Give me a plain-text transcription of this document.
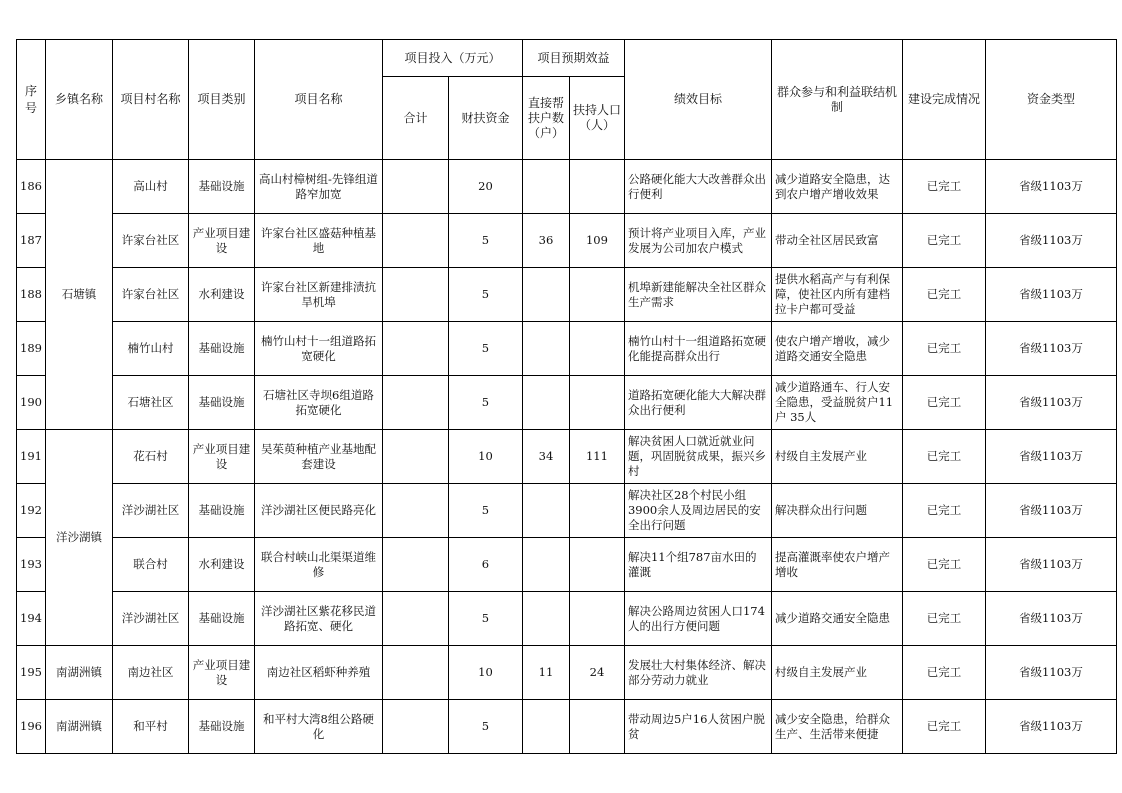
序号	乡镇名称	项目村名称	项目类别	项目名称	项目投入（万元）		项目预期效益		绩效目标	群众参与和利益联结机制	建设完成情况	资金类型
					合计	财扶资金	直接帮扶户数（户）	扶持人口（人）				
186	石塘镇	高山村	基础设施	高山村樟树组-先锋组道路窄加宽		20			公路硬化能大大改善群众出行便利	减少道路安全隐患，达到农户增产增收效果	已完工	省级1103万
187		许家台社区	产业项目建设	许家台社区盛菇种植基地		5	36	109	预计将产业项目入库，产业发展为公司加农户模式	带动全社区居民致富	已完工	省级1103万
188		许家台社区	水利建设	许家台社区新建排渍抗旱机埠		5			机埠新建能解决全社区群众生产需求	提供水稻高产与有利保障，使社区内所有建档拉卡户都可受益	已完工	省级1103万
189		楠竹山村	基础设施	楠竹山村十一组道路拓宽硬化		5			楠竹山村十一组道路拓宽硬化能提高群众出行	使农户增产增收，减少道路交通安全隐患	已完工	省级1103万
190		石塘社区	基础设施	石塘社区寺坝6组道路拓宽硬化		5			道路拓宽硬化能大大解决群众出行便利	减少道路通车、行人安全隐患，受益脱贫户11户 35人	已完工	省级1103万
191	洋沙湖镇	花石村	产业项目建设	吴茱萸种植产业基地配套建设		10	34	111	解决贫困人口就近就业问题，巩固脱贫成果，振兴乡村	村级自主发展产业	已完工	省级1103万
192		洋沙湖社区	基础设施	洋沙湖社区便民路亮化		5			解决社区28个村民小组3900余人及周边居民的安全出行问题	解决群众出行问题	已完工	省级1103万
193		联合村	水利建设	联合村峡山北渠渠道维修		6			解决11个组787亩水田的灌溉	提高灌溉率使农户增产增收	已完工	省级1103万
194		洋沙湖社区	基础设施	洋沙湖社区紫花移民道路拓宽、硬化		5			解决公路周边贫困人口174人的出行方便问题	减少道路交通安全隐患	已完工	省级1103万
195	南湖洲镇	南边社区	产业项目建设	南边社区稻虾种养殖		10	11	24	发展壮大村集体经济、解决部分劳动力就业	村级自主发展产业	已完工	省级1103万
196	南湖洲镇	和平村	基础设施	和平村大湾8组公路硬化		5			带动周边5户16人贫困户脱贫	减少安全隐患，给群众生产、生活带来便捷	已完工	省级1103万
